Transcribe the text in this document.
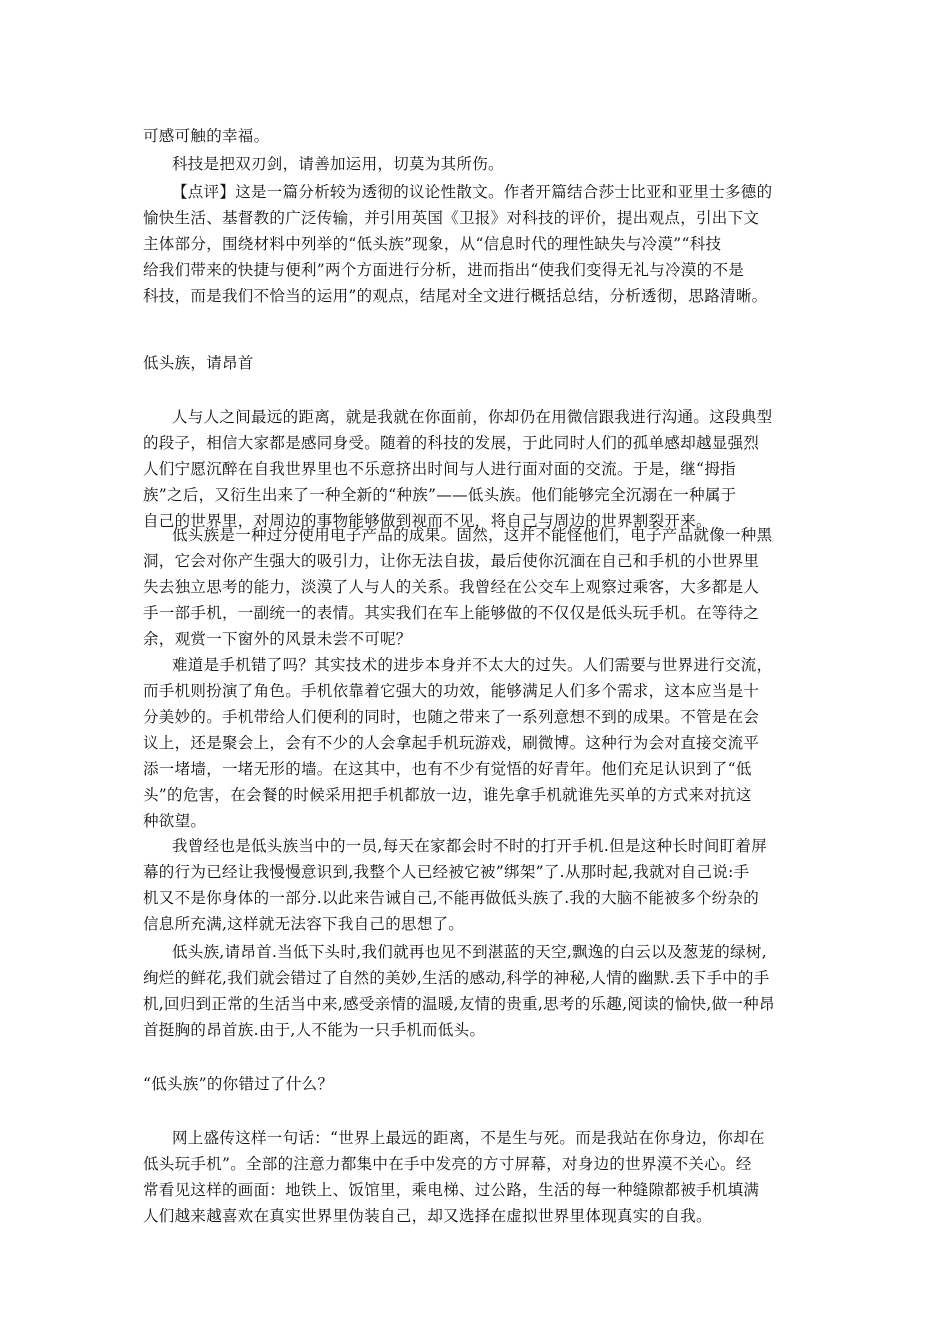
可感可触的幸福。
科技是把双刃剑，请善加运用，切莫为其所伤。
【点评】这是一篇分析较为透彻的议论性散文。作者开篇结合莎士比亚和亚里士多德的
愉快生活、基督教的广泛传输，并引用英国《卫报》对科技的评价，提出观点，引出下文
主体部分，围绕材料中列举的“低头族”现象，从“信息时代的理性缺失与冷漠”“科技
给我们带来的快捷与便利”两个方面进行分析，进而指出“使我们变得无礼与冷漠的不是
科技，而是我们不恰当的运用”的观点，结尾对全文进行概括总结，分析透彻，思路清晰。
低头族，请昂首
人与人之间最远的距离，就是我就在你面前，你却仍在用微信跟我进行沟通。这段典型
的段子，相信大家都是感同身受。随着的科技的发展，于此同时人们的孤单感却越显强烈
人们宁愿沉醉在自我世界里也不乐意挤出时间与人进行面对面的交流。于是，继“拇指
族”之后，又衍生出来了一种全新的“种族”——低头族。他们能够完全沉溺在一种属于
自己的世界里，对周边的事物能够做到视而不见，将自己与周边的世界割裂开来。
低头族是一种过分使用电子产品的成果。固然，这并不能怪他们，电子产品就像一种黑
洞，它会对你产生强大的吸引力，让你无法自拔，最后使你沉湎在自己和手机的小世界里
失去独立思考的能力，淡漠了人与人的关系。我曾经在公交车上观察过乘客，大多都是人
手一部手机，一副统一的表情。其实我们在车上能够做的不仅仅是低头玩手机。在等待之
余，观赏一下窗外的风景未尝不可呢？
难道是手机错了吗？其实技术的进步本身并不太大的过失。人们需要与世界进行交流，
而手机则扮演了角色。手机依靠着它强大的功效，能够满足人们多个需求，这本应当是十
分美妙的。手机带给人们便利的同时，也随之带来了一系列意想不到的成果。不管是在会
议上，还是聚会上，会有不少的人会拿起手机玩游戏，刷微博。这种行为会对直接交流平
添一堵墙，一堵无形的墙。在这其中，也有不少有觉悟的好青年。他们充足认识到了“低
头”的危害，在会餐的时候采用把手机都放一边，谁先拿手机就谁先买单的方式来对抗这
种欲望。
我曾经也是低头族当中的一员,每天在家都会时不时的打开手机.但是这种长时间盯着屏
幕的行为已经让我慢慢意识到,我整个人已经被它被”绑架”了.从那时起,我就对自己说:手
机又不是你身体的一部分.以此来告诫自己,不能再做低头族了.我的大脑不能被多个纷杂的
信息所充满,这样就无法容下我自己的思想了。
低头族,请昂首.当低下头时,我们就再也见不到湛蓝的天空,飘逸的白云以及葱茏的绿树,
绚烂的鲜花,我们就会错过了自然的美妙,生活的感动,科学的神秘,人情的幽默.丢下手中的手
机,回归到正常的生活当中来,感受亲情的温暖,友情的贵重,思考的乐趣,阅读的愉快,做一种昂
首挺胸的昂首族.由于,人不能为一只手机而低头。
“低头族”的你错过了什么？
网上盛传这样一句话：“世界上最远的距离，不是生与死。而是我站在你身边，你却在
低头玩手机”。全部的注意力都集中在手中发亮的方寸屏幕，对身边的世界漠不关心。经
常看见这样的画面：地铁上、饭馆里，乘电梯、过公路，生活的每一种缝隙都被手机填满
人们越来越喜欢在真实世界里伪装自己，却又选择在虚拟世界里体现真实的自我。
